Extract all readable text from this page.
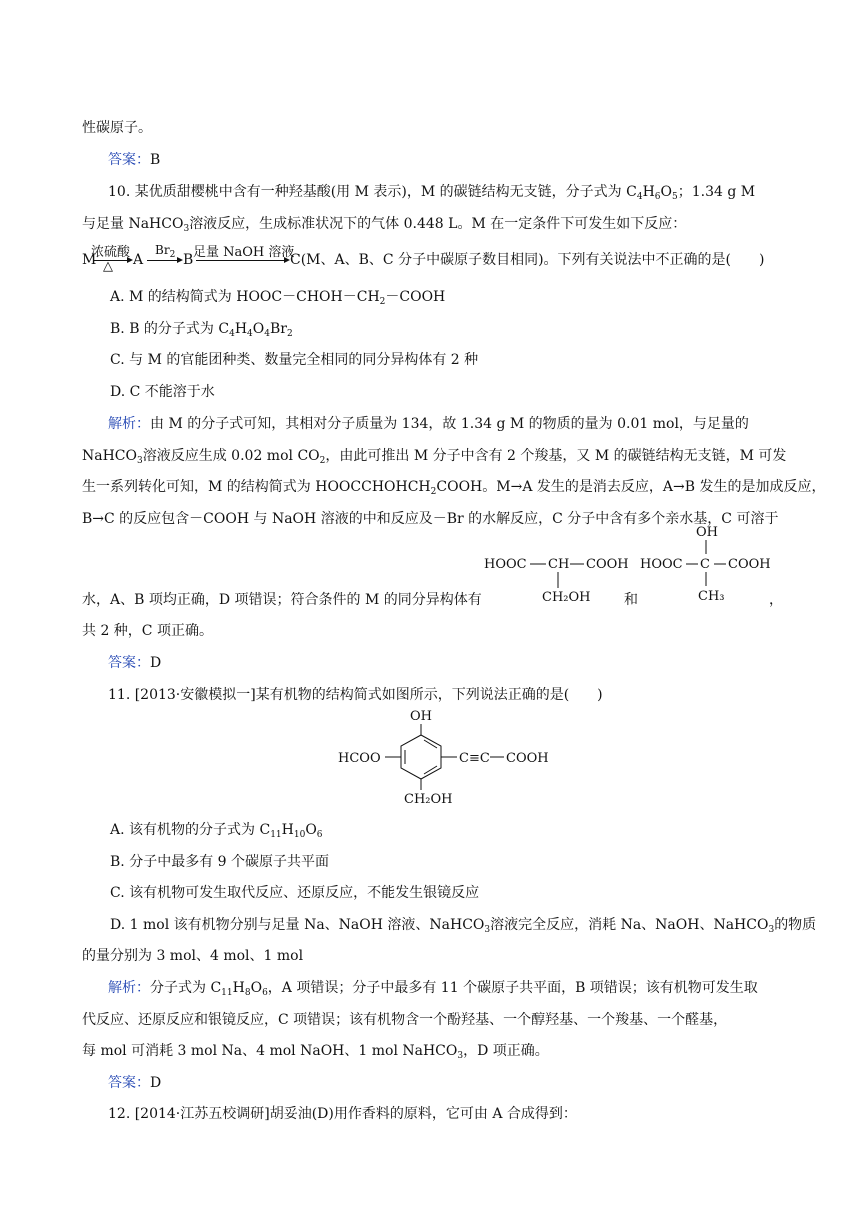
性碳原子。
答案：B
10. 某优质甜樱桃中含有一种羟基酸(用 M 表示)，M 的碳链结构无支链，分子式为 $C_4H_6O_5$；1.34 g M
与足量 NaHCO$_3$溶液反应，生成标准状况下的气体 0.448 L。M 在一定条件下可发生如下反应：
M
浓硫酸
△ A
$Br_2$ B 足量 NaOH 溶液
C(M、A、B、C 分子中碳原子数目相同)。下列有关说法中不正确的是(　　)
A. M 的结构简式为 $HOOC-CHOH-CH_2-COOH$
B. B 的分子式为 $C_4H_4O_4Br_2$
C. 与 M 的官能团种类、数量完全相同的同分异构体有 2 种
D. C 不能溶于水
解析：由 M 的分子式可知，其相对分子质量为 134，故 1.34 g M 的物质的量为 0.01 mol，与足量的
NaHCO$_3$溶液反应生成 0.02 mol $CO_2$，由此可推出 M 分子中含有 2 个羧基，又 M 的碳链结构无支链，M 可发
生一系列转化可知，M 的结构简式为 $HOOCCHOHCH_2COOH$。M→A 发生的是消去反应，A→B 发生的是加成反应，
B→C 的反应包含－COOH 与 NaOH 溶液的中和反应及－Br 的水解反应，C 分子中含有多个亲水基，C 可溶于
HOOC CH COOH
CH₂OH
OH
HOOC C COOH
CH₃
水，A、B 项均正确，D 项错误；符合条件的 M 的同分异构体有	和	，
共 2 种，C 项正确。
答案：D
11. [2013·安徽模拟一]某有机物的结构简式如图所示，下列说法正确的是(　　)
OH
HCOO	C≡C COOH
CH₂OH
A. 该有机物的分子式为 $C_{11}H_{10}O_6$
B. 分子中最多有 9 个碳原子共平面
C. 该有机物可发生取代反应、还原反应，不能发生银镜反应
D. 1 mol 该有机物分别与足量 Na、NaOH 溶液、NaHCO$_3$溶液完全反应，消耗 Na、NaOH、NaHCO$_3$的物质
的量分别为 3 mol、4 mol、1 mol
解析：分子式为 $C_{11}H_8O_6$，A 项错误；分子中最多有 11 个碳原子共平面，B 项错误；该有机物可发生取
代反应、还原反应和银镜反应，C 项错误；该有机物含一个酚羟基、一个醇羟基、一个羧基、一个醛基，
每 mol 可消耗 3 mol Na、4 mol NaOH、1 mol NaHCO$_3$，D 项正确。
答案：D
12. [2014·江苏五校调研]胡妥油(D)用作香料的原料，它可由 A 合成得到：
